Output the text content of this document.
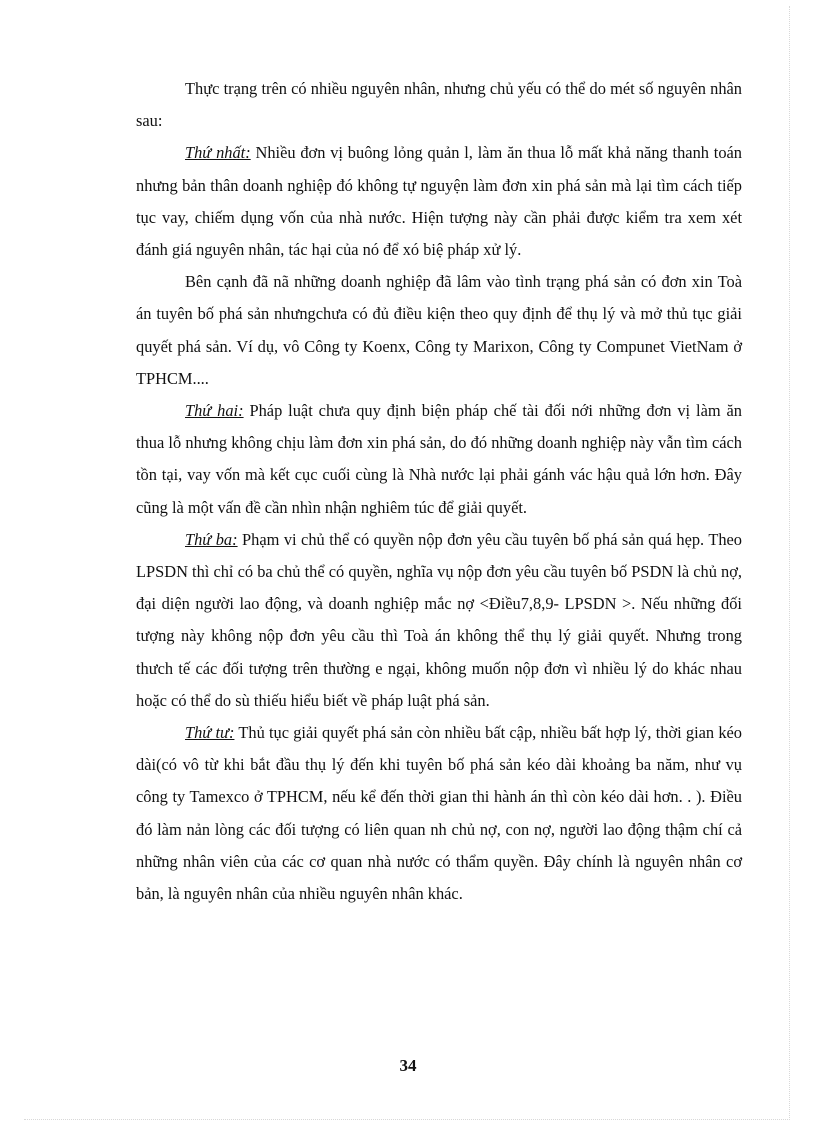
Thực trạng trên có nhiều nguyên nhân, nhưng chủ yếu có thể do mét số nguyên nhân sau:

Thứ nhất: Nhiều đơn vị buông lỏng quản l, làm ăn thua lỗ mất khả năng thanh toán nhưng bản thân doanh nghiệp đó không tự nguyện làm đơn xin phá sản mà lại tìm cách tiếp tục vay, chiếm dụng vốn của nhà nước. Hiện tượng này cần phải được kiểm tra xem xét đánh giá nguyên nhân, tác hại của nó để xó biệ pháp xử lý.

Bên cạnh đã nã những doanh nghiệp đã lâm vào tình trạng phá sản có đơn xin Toà án tuyên bố phá sản nhưngchưa có đủ điều kiện theo quy định để thụ lý và mở thủ tục giải quyết phá sản. Ví dụ, vô Công ty Koenx, Công ty Marixon, Công ty Compunet VietNam ở TPHCM....

Thứ hai: Pháp luật chưa quy định biện pháp chế tài đối nới những đơn vị làm ăn thua lỗ nhưng không chịu làm đơn xin phá sản, do đó những doanh nghiệp này vẫn tìm cách tồn tại, vay vốn mà kết cục cuối cùng là Nhà nước lại phải gánh vác hậu quả lớn hơn. Đây cũng là một vấn đề cần nhìn nhận nghiêm túc để giải quyết.

Thứ ba: Phạm vi chủ thể có quyền nộp đơn yêu cầu tuyên bố phá sản quá hẹp. Theo LPSDN thì chỉ có ba chủ thể có quyền, nghĩa vụ nộp đơn yêu cầu tuyên bố PSDN là chủ nợ, đại diện người lao động, và doanh nghiệp mắc nợ <Điều7,8,9- LPSDN >. Nếu những đối tượng này không nộp đơn yêu cầu thì Toà án không thể thụ lý giải quyết. Nhưng trong thưch tế các đối tượng trên thường e ngại, không muốn nộp đơn vì nhiều lý do khác nhau hoặc có thể do sù thiếu hiểu biết về pháp luật phá sản.

Thứ tư: Thủ tục giải quyết phá sản còn nhiều bất cập, nhiều bất hợp lý, thời gian kéo dài(có vô từ khi bắt đầu thụ lý đến khi tuyên bố phá sản kéo dài khoảng ba năm, như vụ công ty Tamexco ở TPHCM, nếu kể đến thời gian thi hành án thì còn kéo dài hơn. . ). Điều đó làm nản lòng các đối tượng có liên quan nh chủ nợ, con nợ, người lao động thậm chí cả những nhân viên của các cơ quan nhà nước có thẩm quyền. Đây chính là nguyên nhân cơ bản, là nguyên nhân của nhiều nguyên nhân khác.

34
